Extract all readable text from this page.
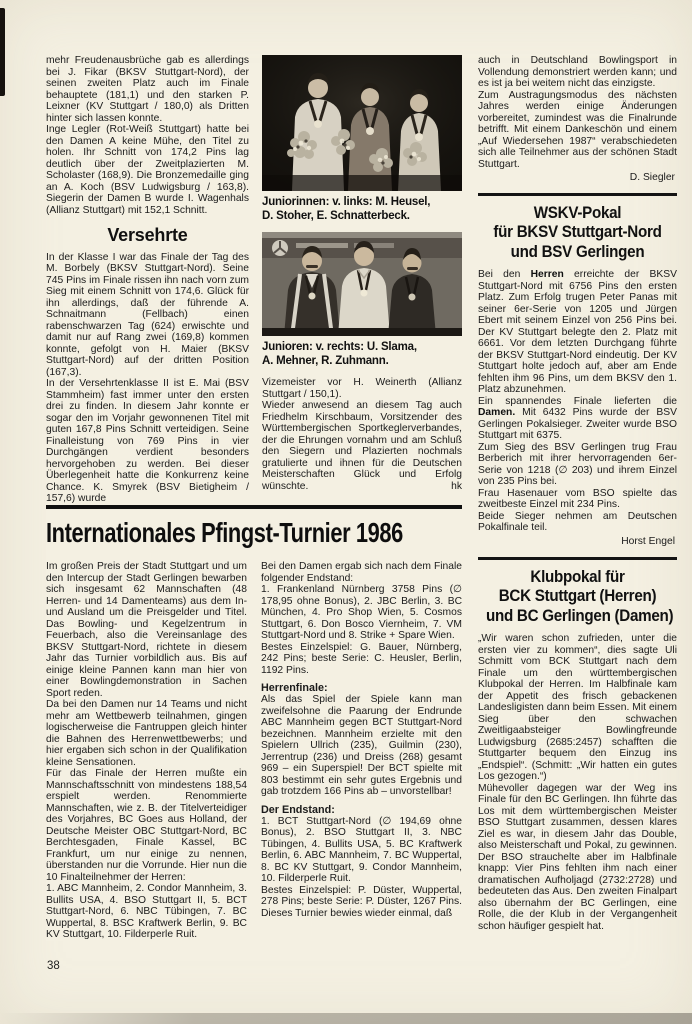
mehr Freudenausbrüche gab es allerdings bei J. Fikar (BKSV Stuttgart-Nord), der seinen zweiten Platz auch im Finale behauptete (181,1) und den starken P. Leixner (KV Stuttgart / 180,0) als Dritten hinter sich lassen konnte.

Inge Legler (Rot-Weiß Stuttgart) hatte bei den Damen A keine Mühe, den Titel zu holen. Ihr Schnitt von 174,2 Pins lag deutlich über der Zweitplazierten M. Scholaster (168,9). Die Bronzemedaille ging an A. Koch (BSV Ludwigsburg / 163,8). Siegerin der Damen B wurde I. Wagenhals (Allianz Stuttgart) mit 152,1 Schnitt.

Versehrte

In der Klasse I war das Finale der Tag des M. Borbely (BKSV Stuttgart-Nord). Seine 745 Pins im Finale rissen ihn nach vorn zum Sieg mit einem Schnitt von 174,6. Glück für ihn allerdings, daß der führende A. Schnaitmann (Fellbach) einen rabenschwarzen Tag (624) erwischte und damit nur auf Rang zwei (169,8) kommen konnte, gefolgt von H. Maier (BKSV Stuttgart-Nord) auf der dritten Position (167,3).

In der Versehrtenklasse II ist E. Mai (BSV Stammheim) fast immer unter den ersten drei zu finden. In diesem Jahr konnte er sogar den im Vorjahr gewonnenen Titel mit guten 167,8 Pins Schnitt verteidigen. Seine Finalleistung von 769 Pins in vier Durchgängen verdient besonders hervorgehoben zu werden. Bei dieser Überlegenheit hatte die Konkurrenz keine Chance. K. Smyrek (BSV Bietigheim / 157,6) wurde

Juniorinnen: v. links: M. Heusel,
D. Stoher, E. Schnatterbeck.
Junioren: v. rechts: U. Slama,
A. Mehner, R. Zuhmann.

Vizemeister vor H. Weinerth (Allianz Stuttgart / 150,1).

Wieder anwesend an diesem Tag auch Friedhelm Kirschbaum, Vorsitzender des Württembergischen Sportkeglerverbandes, der die Ehrungen vornahm und am Schluß den Siegern und Plazierten nochmals gratulierte und ihnen für die Deutschen Meisterschaften Glück und Erfolg wünschte.	hk

auch in Deutschland Bowlingsport in Vollendung demonstriert werden kann; und es ist ja bei weitem nicht das einzigste.

Zum Austragungsmodus des nächsten Jahres werden einige Änderungen vorbereitet, zumindest was die Finalrunde betrifft. Mit einem Dankeschön und einem „Auf Wiedersehen 1987“ verabschiedeten sich alle Teilnehmer aus der schönen Stadt Stuttgart.

D. Siegler

WSKV-Pokal
für BKSV Stuttgart-Nord
und BSV Gerlingen

Bei den Herren erreichte der BKSV Stuttgart-Nord mit 6756 Pins den ersten Platz. Zum Erfolg trugen Peter Panas mit seiner 6er-Serie von 1205 und Jürgen Ebert mit seinem Einzel von 256 Pins bei. Der KV Stuttgart belegte den 2. Platz mit 6661. Vor dem letzten Durchgang führte der BKSV Stuttgart-Nord eindeutig. Der KV Stuttgart holte jedoch auf, aber am Ende fehlten ihm 96 Pins, um dem BKSV den 1. Platz abzunehmen.

Ein spannendes Finale lieferten die Damen. Mit 6432 Pins wurde der BSV Gerlingen Pokalsieger. Zweiter wurde BSO Stuttgart mit 6375.

Zum Sieg des BSV Gerlingen trug Frau Berberich mit ihrer hervorragenden 6er-Serie von 1218 (∅ 203) und ihrem Einzel von 235 Pins bei.

Frau Hasenauer vom BSO spielte das zweitbeste Einzel mit 234 Pins.

Beide Sieger nehmen am Deutschen Pokalfinale teil.

Horst Engel

Klubpokal für
BCK Stuttgart (Herren)
und BC Gerlingen (Damen)

„Wir waren schon zufrieden, unter die ersten vier zu kommen“, dies sagte Uli Schmitt vom BCK Stuttgart nach dem Finale um den württembergischen Klubpokal der Herren. Im Halbfinale kam der Appetit des frisch gebackenen Landesligisten dann beim Essen. Mit einem Sieg über den schwachen Zweitligaabsteiger Bowlingfreunde Ludwigsburg (2685:2457) schafften die Stuttgarter bequem den Einzug ins „Endspiel“. (Schmitt: „Wir hatten ein gutes Los gezogen.“)

Mühevoller dagegen war der Weg ins Finale für den BC Gerlingen. Ihn führte das Los mit dem württembergischen Meister BSO Stuttgart zusammen, dessen klares Ziel es war, in diesem Jahr das Double, also Meisterschaft und Pokal, zu gewinnen. Der BSO strauchelte aber im Halbfinale knapp: Vier Pins fehlten ihm nach einer dramatischen Aufholjagd (2732:2728) und bedeuteten das Aus. Den zweiten Finalpart also übernahm der BC Gerlingen, eine Rolle, die der Klub in der Vergangenheit schon häufiger gespielt hat.

Internationales Pfingst-Turnier 1986

Im großen Preis der Stadt Stuttgart und um den Intercup der Stadt Gerlingen bewarben sich insgesamt 62 Mannschaften (48 Herren- und 14 Damenteams) aus dem In- und Ausland um die Preisgelder und Titel. Das Bowling- und Kegelzentrum in Feuerbach, also die Vereinsanlage des BKSV Stuttgart-Nord, richtete in diesem Jahr das Turnier vorbildlich aus. Bis auf einige kleine Pannen kann man hier von einer Bowlingdemonstration in Sachen Sport reden.

Da bei den Damen nur 14 Teams und nicht mehr am Wettbewerb teilnahmen, gingen logischerweise die Fantruppen gleich hinter die Bahnen des Herrenwettbewerbs; und hier ergaben sich schon in der Qualifikation kleine Sensationen.

Für das Finale der Herren mußte ein Mannschaftsschnitt von mindestens 188,54 erspielt werden. Renommierte Mannschaften, wie z. B. der Titelverteidiger des Vorjahres, BC Goes aus Holland, der Deutsche Meister OBC Stuttgart-Nord, BC Berchtesgaden, Finale Kassel, BC Frankfurt, um nur einige zu nennen, überstanden nur die Vorrunde. Hier nun die 10 Finalteilnehmer der Herren:

1. ABC Mannheim, 2. Condor Mannheim, 3. Bullits USA, 4. BSO Stuttgart II, 5. BCT Stuttgart-Nord, 6. NBC Tübingen, 7. BC Wuppertal, 8. BSC Kraftwerk Berlin, 9. BC KV Stuttgart, 10. Filderperle Ruit.

Bei den Damen ergab sich nach dem Finale folgender Endstand:

1. Frankenland Nürnberg 3758 Pins (∅ 178,95 ohne Bonus), 2. JBC Berlin, 3. BC München, 4. Pro Shop Wien, 5. Cosmos Stuttgart, 6. Don Bosco Viernheim, 7. VM Stuttgart-Nord und 8. Strike + Spare Wien.

Bestes Einzelspiel: G. Bauer, Nürnberg, 242 Pins; beste Serie: C. Heusler, Berlin, 1192 Pins.

Herrenfinale:

Als das Spiel der Spiele kann man zweifelsohne die Paarung der Endrunde ABC Mannheim gegen BCT Stuttgart-Nord bezeichnen. Mannheim erzielte mit den Spielern Ullrich (235), Guilmin (230), Jerrentrup (236) und Dreiss (268) gesamt 969 – ein Superspiel! Der BCT spielte mit 803 bestimmt ein sehr gutes Ergebnis und gab trotzdem 166 Pins ab – unvorstellbar!

Der Endstand:

1. BCT Stuttgart-Nord (∅ 194,69 ohne Bonus), 2. BSO Stuttgart II, 3. NBC Tübingen, 4. Bullits USA, 5. BC Kraftwerk Berlin, 6. ABC Mannheim, 7. BC Wuppertal, 8. BC KV Stuttgart, 9. Condor Mannheim, 10. Filderperle Ruit.

Bestes Einzelspiel: P. Düster, Wuppertal, 278 Pins; beste Serie: P. Düster, 1267 Pins. Dieses Turnier bewies wieder einmal, daß

38
